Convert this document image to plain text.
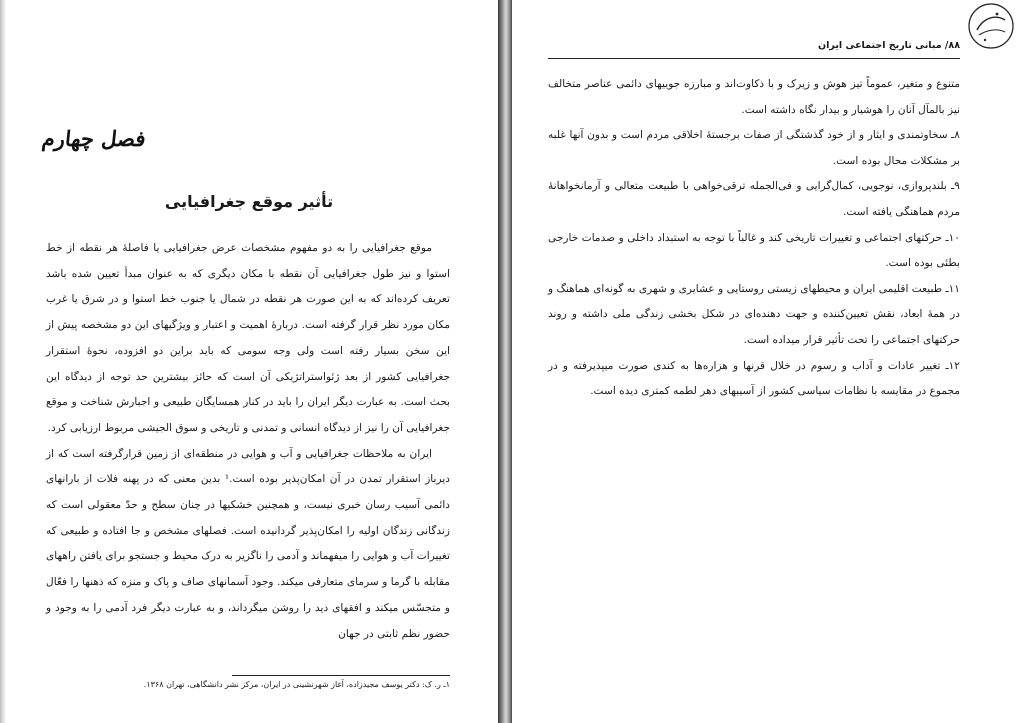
فصل چهارم
تأثیر موقع جغرافیایی

موقع جغرافیایی را به دو مفهوم مشخصات عرض جغرافیایی یا فاصلهٔ هر نقطه از خط استوا و نیز طول جغرافیایی آن نقطه با مکان دیگری که به عنوان مبدأ تعیین شده باشد تعریف کرده‌اند که به این صورت هر نقطه در شمال یا جنوب خط استوا و در شرق یا غرب مکان مورد نظر قرار گرفته است. دربارهٔ اهمیت و اعتبار و ویژگیهای این دو مشخصه پیش از این سخن بسیار رفته است ولی وجه سومی که باید براین دو افزوده، نحوهٔ استقرار جغرافیایی کشور از بعد ژئواستراتژیکی آن است که حائز بیشترین حد توجه از دیدگاه این بحث است. به عبارت دیگر ایران را باید در کنار همسایگان طبیعی و اجبارش شناخت و موقع جغرافیایی آن را نیز از دیدگاه انسانی و تمدنی و تاریخی و سوق الجیشی مربوط ارزیابی کرد.

ایران به ملاحظات جغرافیایی و آب و هوایی در منطقه‌ای از زمین قرارگرفته است که از دیرباز استقرار تمدن در آن امکان‌پذیر بوده است.¹ بدین معنی که در پهنه فلات از بارانهای دائمی آسیب رسان خبری نیست، و همچنین خشکیها در چنان سطح و حدّ معقولی است که زندگانی زندگان اولیه را امکان‌پذیر گردانیده است. فصلهای مشخص و جا افتاده و طبیعی که تغییرات آب و هوایی را میفهماند و آدمی را ناگزیر به درک محیط و جستجو برای یافتن راههای مقابله با گرما و سرمای متعارفی میکند. وجود آسمانهای صاف و پاک و منزه که ذهنها را فعّال و متجسّس میکند و افقهای دید را روشن میگرداند، و به عبارت دیگر فرد آدمی را به وجود و حضور نظم ثابتی در جهان

۱ـ ر. ک: دکتر یوسف مجیدزاده، آغاز شهرنشینی در ایران، مرکز نشر دانشگاهی، تهران ۱۳۶۸.
۸۸/ مبانی تاریخ اجتماعی ایران

متنوع و متغیر، عموماً تیز هوش و زیرک و با ذکاوت‌اند و مبارزه جوییهای دائمی عناصر متخالف نیز بالمآل آنان را هوشیار و بیدار نگاه داشته است.

۸ـ سخاوتمندی و ایثار و از خود گذشتگی از صفات برجستهٔ اخلاقی مردم است و بدون آنها غلبه بر مشکلات محال بوده است.

۹ـ بلندپروازی، نوجویی، کمال‌گرایی و فی‌الجمله ترقی‌خواهی با طبیعت متعالی و آرمانخواهانهٔ مردم هماهنگی یافته است.

۱۰ـ حرکتهای اجتماعی و تغییرات تاریخی کند و غالباً با توجه به استبداد داخلی و صدمات خارجی بطئی بوده است.

۱۱ـ طبیعت اقلیمی ایران و محیطهای زیستی روستایی و عشایری و شهری به گونه‌ای هماهنگ و در همهٔ ابعاد، نقش تعیین‌کننده و جهت دهنده‌ای در شکل بخشی زندگی ملی داشته و روند حرکتهای اجتماعی را تحت تأثیر قرار میداده است.

۱۲ـ تغییر عادات و آداب و رسوم در خلال قرنها و هزاره‌ها به کندی صورت میپذیرفته و در مجموع در مقایسه با نظامات سیاسی کشور از آسیبهای دهر لطمه کمتری دیده است.
